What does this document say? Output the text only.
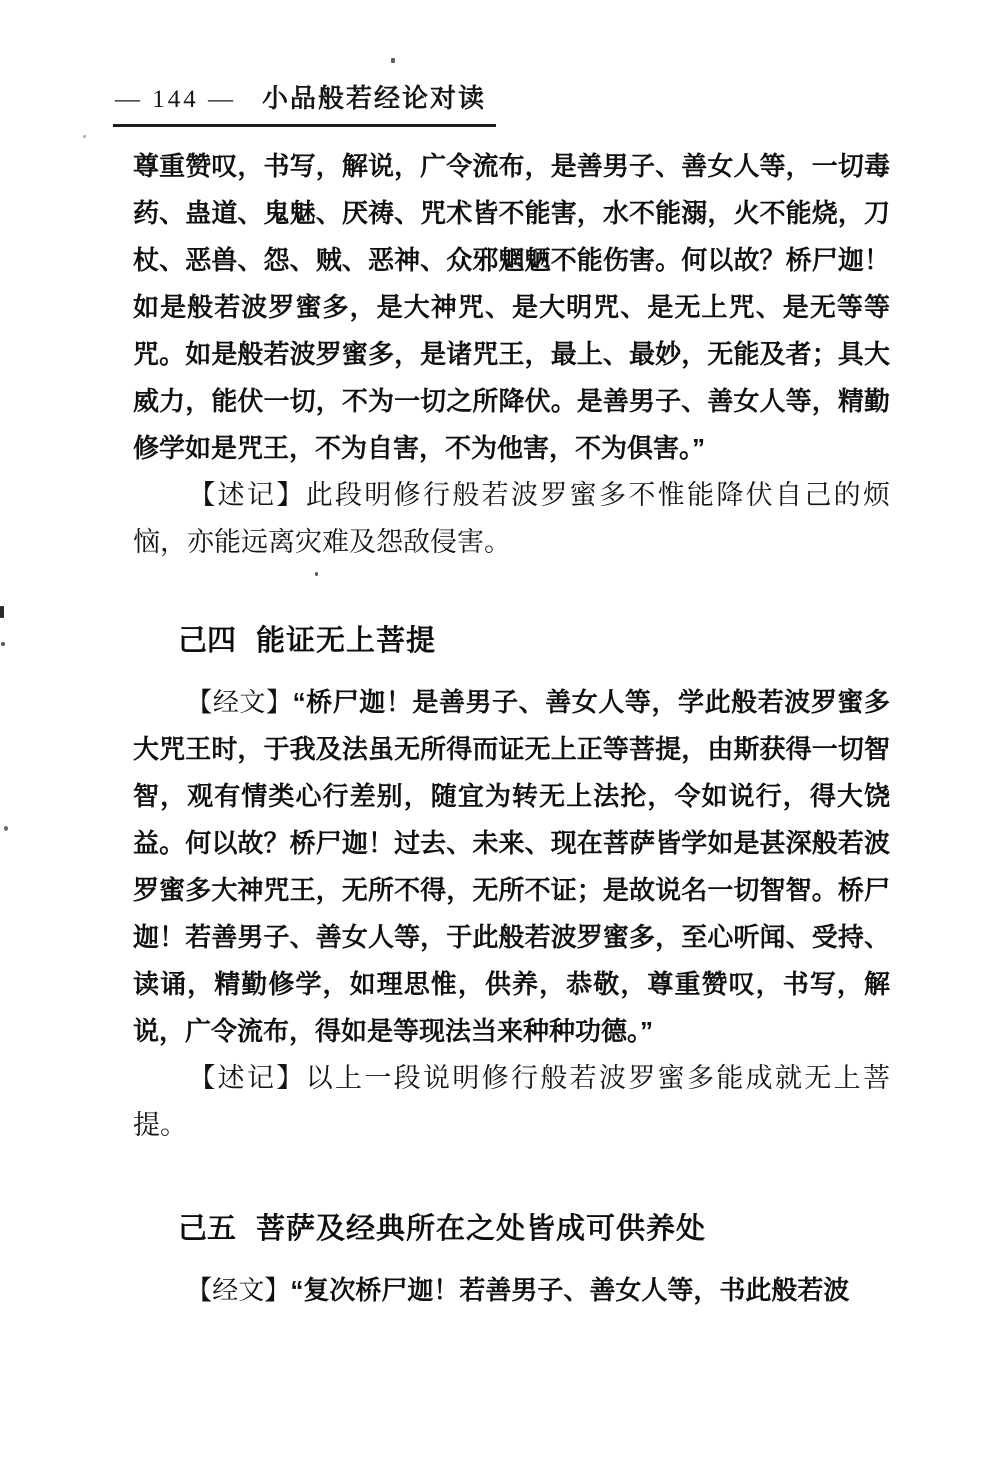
— 144 — 小品般若经论对读

尊重赞叹，书写，解说，广令流布，是善男子、善女人等，一切毒药、蛊道、鬼魅、厌祷、咒术皆不能害，水不能溺，火不能烧，刀杖、恶兽、怨、贼、恶神、众邪魍魉不能伤害。何以故？桥尸迦！如是般若波罗蜜多，是大神咒、是大明咒、是无上咒、是无等等咒。如是般若波罗蜜多，是诸咒王，最上、最妙，无能及者；具大威力，能伏一切，不为一切之所降伏。是善男子、善女人等，精勤修学如是咒王，不为自害，不为他害，不为俱害。”

【述记】此段明修行般若波罗蜜多不惟能降伏自己的烦恼，亦能远离灾难及怨敌侵害。

己四 能证无上菩提

【经文】“桥尸迦！是善男子、善女人等，学此般若波罗蜜多大咒王时，于我及法虽无所得而证无上正等菩提，由斯获得一切智智，观有情类心行差别，随宜为转无上法抡，令如说行，得大饶益。何以故？桥尸迦！过去、未来、现在菩萨皆学如是甚深般若波罗蜜多大神咒王，无所不得，无所不证；是故说名一切智智。桥尸迦！若善男子、善女人等，于此般若波罗蜜多，至心听闻、受持、读诵，精勤修学，如理思惟，供养，恭敬，尊重赞叹，书写，解说，广令流布，得如是等现法当来种种功德。”

【述记】以上一段说明修行般若波罗蜜多能成就无上菩提。

己五 菩萨及经典所在之处皆成可供养处

【经文】“复次桥尸迦！若善男子、善女人等，书此般若波
